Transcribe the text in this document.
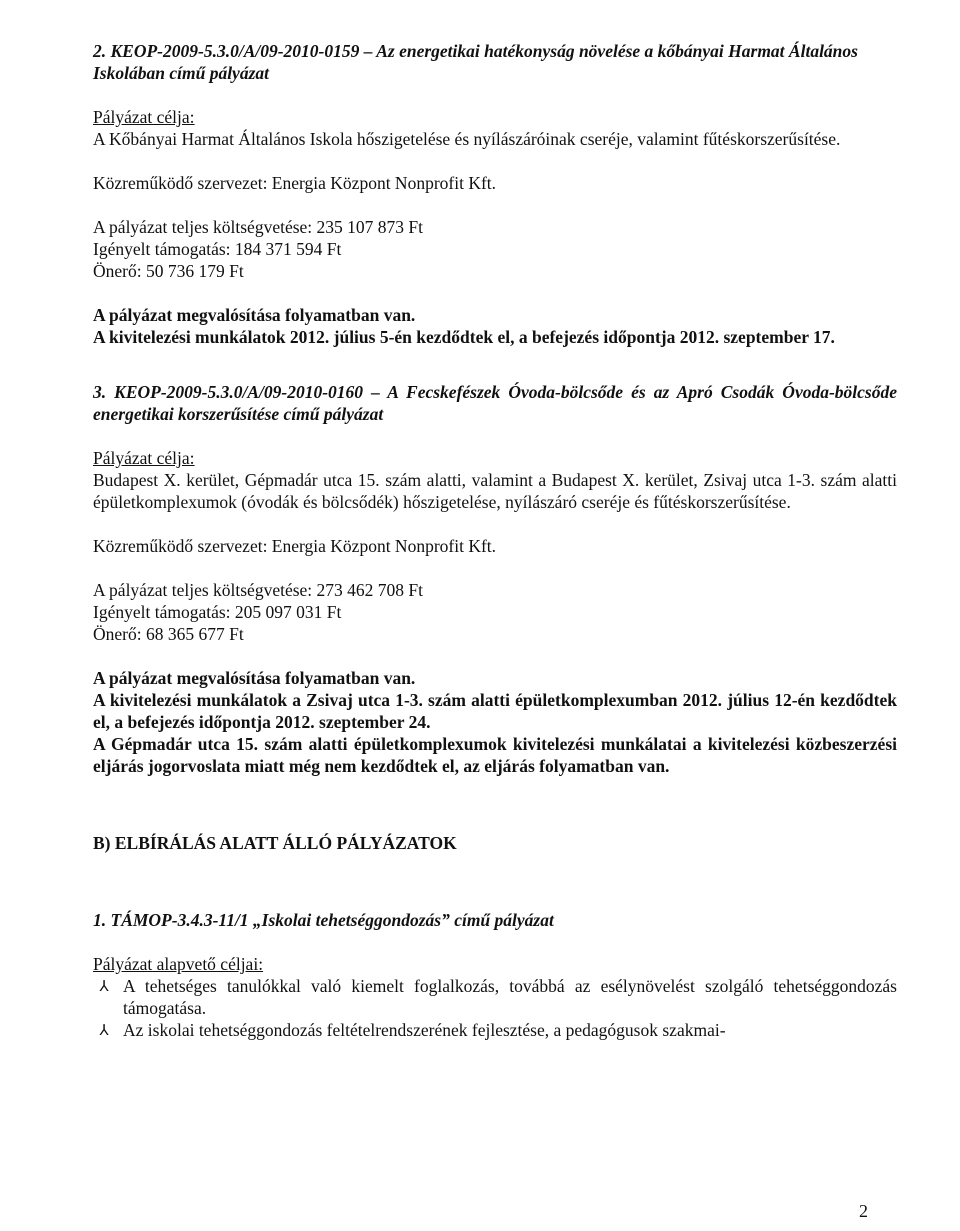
2. KEOP-2009-5.3.0/A/09-2010-0159 – Az energetikai hatékonyság növelése a kőbányai Harmat Általános Iskolában című pályázat

Pályázat célja:

A Kőbányai Harmat Általános Iskola hőszigetelése és nyílászáróinak cseréje, valamint fűtéskorszerűsítése.

Közreműködő szervezet: Energia Központ Nonprofit Kft.

A pályázat teljes költségvetése: 235 107 873 Ft

Igényelt támogatás: 184 371 594 Ft

Önerő: 50 736 179 Ft

A pályázat megvalósítása folyamatban van.

A kivitelezési munkálatok 2012. július 5-én kezdődtek el, a befejezés időpontja 2012. szeptember 17.

3. KEOP-2009-5.3.0/A/09-2010-0160 – A Fecskefészek Óvoda-bölcsőde és az Apró Csodák Óvoda-bölcsőde energetikai korszerűsítése című pályázat

Pályázat célja:

Budapest X. kerület, Gépmadár utca 15. szám alatti, valamint a Budapest X. kerület, Zsivaj utca 1-3. szám alatti épületkomplexumok (óvodák és bölcsődék) hőszigetelése, nyílászáró cseréje és fűtéskorszerűsítése.

Közreműködő szervezet: Energia Központ Nonprofit Kft.

A pályázat teljes költségvetése: 273 462 708 Ft

Igényelt támogatás: 205 097 031 Ft

Önerő: 68 365 677 Ft

A pályázat megvalósítása folyamatban van.

A kivitelezési munkálatok a Zsivaj utca 1-3. szám alatti épületkomplexumban 2012. július 12-én kezdődtek el, a befejezés időpontja 2012. szeptember 24.

A Gépmadár utca 15. szám alatti épületkomplexumok kivitelezési munkálatai a kivitelezési közbeszerzési eljárás jogorvoslata miatt még nem kezdődtek el, az eljárás folyamatban van.

B) ELBÍRÁLÁS ALATT ÁLLÓ PÁLYÁZATOK

1. TÁMOP-3.4.3-11/1 „Iskolai tehetséggondozás” című pályázat

Pályázat alapvető céljai:

⅄ A tehetséges tanulókkal való kiemelt foglalkozás, továbbá az esélynövelést szolgáló tehetséggondozás támogatása.
⅄ Az iskolai tehetséggondozás feltételrendszerének fejlesztése, a pedagógusok szakmai-
2
